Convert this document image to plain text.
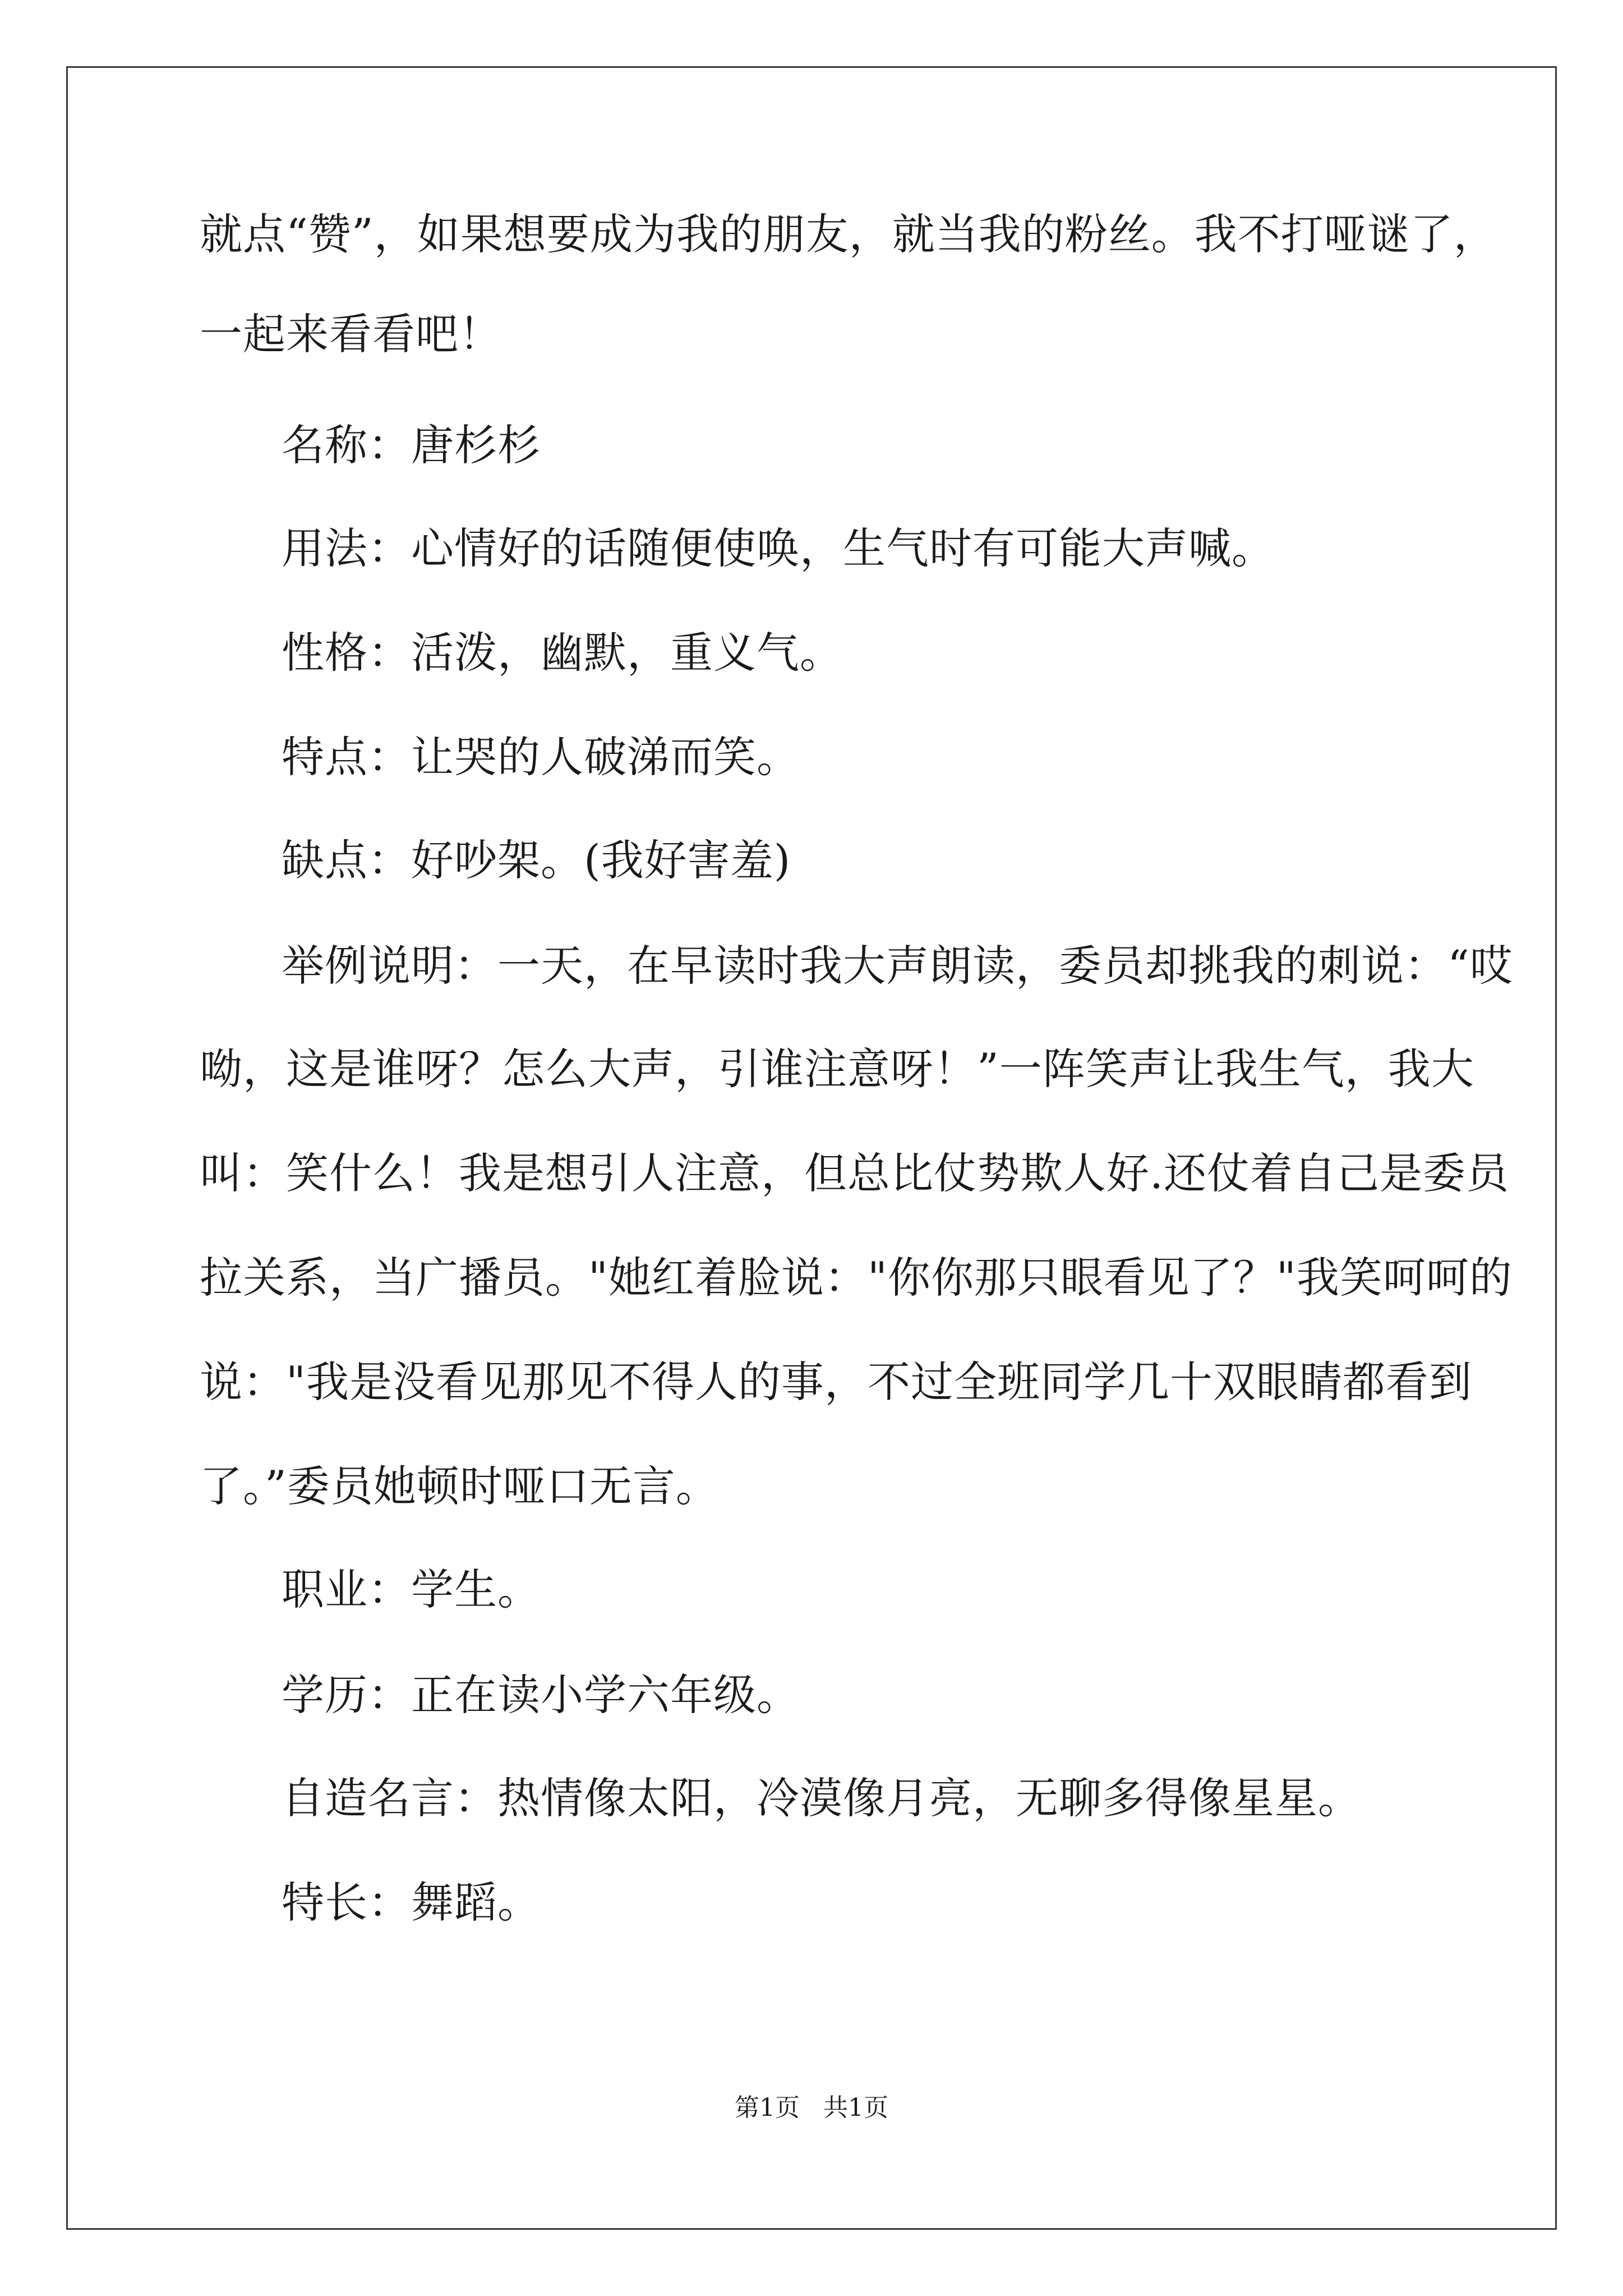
就点“赞”，如果想要成为我的朋友，就当我的粉丝。我不打哑谜了，
一起来看看吧！
名称：唐杉杉
用法：心情好的话随便使唤，生气时有可能大声喊。
性格：活泼，幽默，重义气。
特点：让哭的人破涕而笑。
缺点：好吵架。(我好害羞)
举例说明：一天，在早读时我大声朗读，委员却挑我的刺说：“哎
呦，这是谁呀？怎么大声，引谁注意呀！”一阵笑声让我生气，我大
叫：笑什么！我是想引人注意，但总比仗势欺人好.还仗着自己是委员
拉关系，当广播员。"她红着脸说："你你那只眼看见了？"我笑呵呵的
说："我是没看见那见不得人的事，不过全班同学几十双眼睛都看到
了。”委员她顿时哑口无言。
职业：学生。
学历：正在读小学六年级。
自造名言：热情像太阳，冷漠像月亮，无聊多得像星星。
特长：舞蹈。
第1页   共1页
